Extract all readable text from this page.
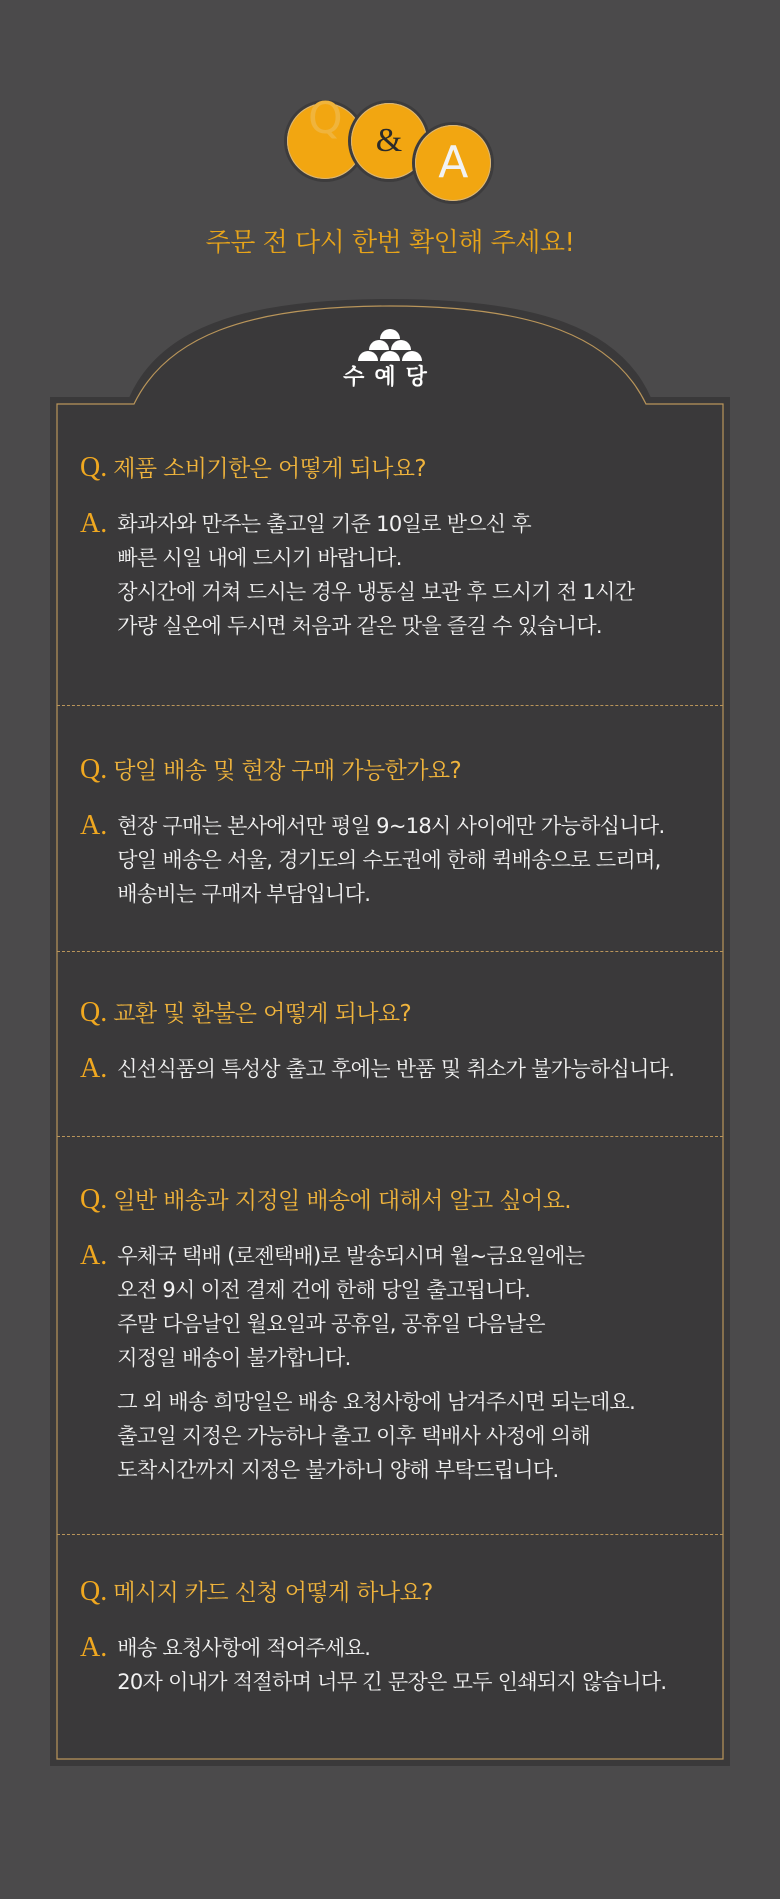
Q & A
주문 전 다시 한번 확인해 주세요!
수예당
Q. 제품 소비기한은 어떻게 되나요?
A. 화과자와 만주는 출고일 기준 10일로 받으신 후
빠른 시일 내에 드시기 바랍니다.
장시간에 거쳐 드시는 경우 냉동실 보관 후 드시기 전 1시간
가량 실온에 두시면 처음과 같은 맛을 즐길 수 있습니다.
Q. 당일 배송 및 현장 구매 가능한가요?
A. 현장 구매는 본사에서만 평일 9~18시 사이에만 가능하십니다.
당일 배송은 서울, 경기도의 수도권에 한해 퀵배송으로 드리며,
배송비는 구매자 부담입니다.
Q. 교환 및 환불은 어떻게 되나요?
A. 신선식품의 특성상 출고 후에는 반품 및 취소가 불가능하십니다.
Q. 일반 배송과 지정일 배송에 대해서 알고 싶어요.
A. 우체국 택배 (로젠택배)로 발송되시며 월~금요일에는
오전 9시 이전 결제 건에 한해 당일 출고됩니다.
주말 다음날인 월요일과 공휴일, 공휴일 다음날은
지정일 배송이 불가합니다.
그 외 배송 희망일은 배송 요청사항에 남겨주시면 되는데요.
출고일 지정은 가능하나 출고 이후 택배사 사정에 의해
도착시간까지 지정은 불가하니 양해 부탁드립니다.
Q. 메시지 카드 신청 어떻게 하나요?
A. 배송 요청사항에 적어주세요.
20자 이내가 적절하며 너무 긴 문장은 모두 인쇄되지 않습니다.
